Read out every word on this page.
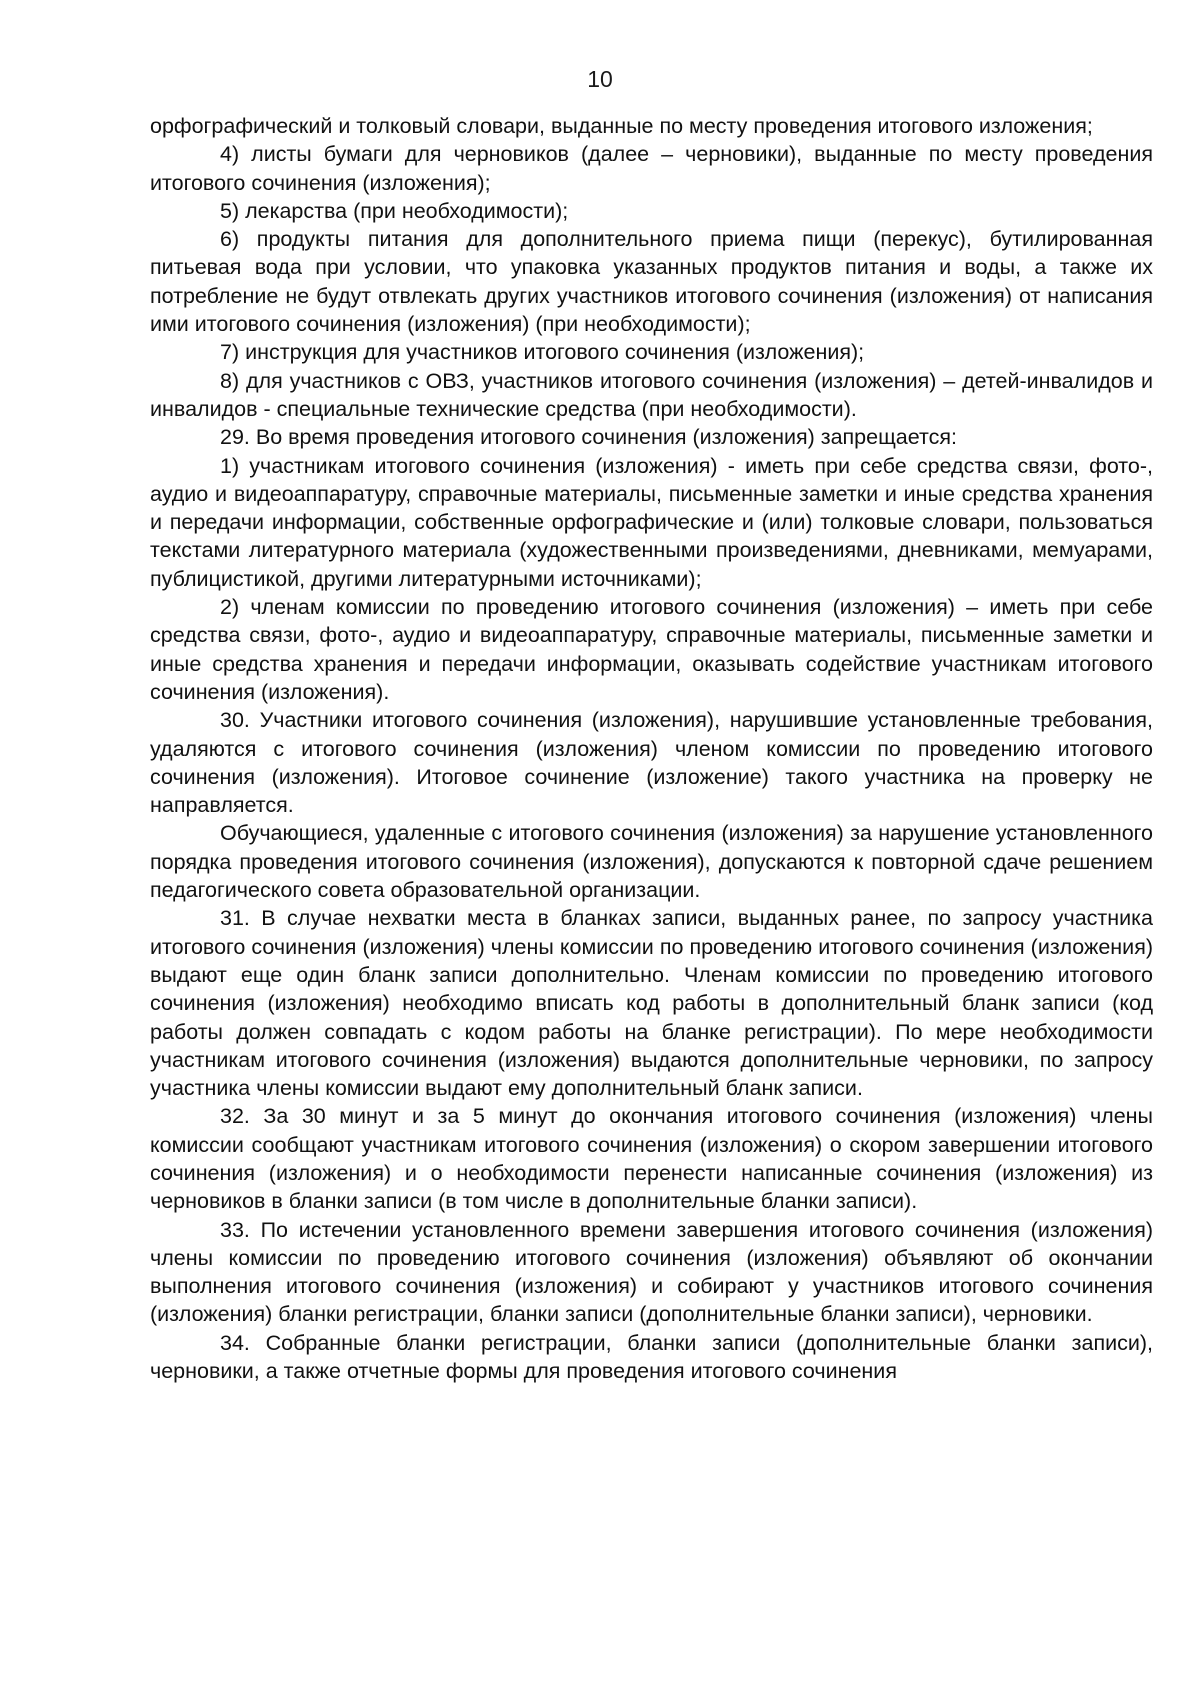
10

орфографический и толковый словари, выданные по месту проведения итогового изложения;

4) листы бумаги для черновиков (далее – черновики), выданные по месту проведения итогового сочинения (изложения);

5) лекарства (при необходимости);

6) продукты питания для дополнительного приема пищи (перекус), бутилированная питьевая вода при условии, что упаковка указанных продуктов питания и воды, а также их потребление не будут отвлекать других участников итогового сочинения (изложения) от написания ими итогового сочинения (изложения) (при необходимости);

7) инструкция для участников итогового сочинения (изложения);

8) для участников с ОВЗ, участников итогового сочинения (изложения) – детей-инвалидов и инвалидов - специальные технические средства (при необходимости).

29. Во время проведения итогового сочинения (изложения) запрещается:

1) участникам итогового сочинения (изложения) - иметь при себе средства связи, фото-, аудио и видеоаппаратуру, справочные материалы, письменные заметки и иные средства хранения и передачи информации, собственные орфографические и (или) толковые словари, пользоваться текстами литературного материала (художественными произведениями, дневниками, мемуарами, публицистикой, другими литературными источниками);

2) членам комиссии по проведению итогового сочинения (изложения) – иметь при себе средства связи, фото-, аудио и видеоаппаратуру, справочные материалы, письменные заметки и иные средства хранения и передачи информации, оказывать содействие участникам итогового сочинения (изложения).

30. Участники итогового сочинения (изложения), нарушившие установленные требования, удаляются с итогового сочинения (изложения) членом комиссии по проведению итогового сочинения (изложения). Итоговое сочинение (изложение) такого участника на проверку не направляется.

Обучающиеся, удаленные с итогового сочинения (изложения) за нарушение установленного порядка проведения итогового сочинения (изложения), допускаются к повторной сдаче решением педагогического совета образовательной организации.

31. В случае нехватки места в бланках записи, выданных ранее, по запросу участника итогового сочинения (изложения) члены комиссии по проведению итогового сочинения (изложения) выдают еще один бланк записи дополнительно. Членам комиссии по проведению итогового сочинения (изложения) необходимо вписать код работы в дополнительный бланк записи (код работы должен совпадать с кодом работы на бланке регистрации). По мере необходимости участникам итогового сочинения (изложения) выдаются дополнительные черновики, по запросу участника члены комиссии выдают ему дополнительный бланк записи.

32. За 30 минут и за 5 минут до окончания итогового сочинения (изложения) члены комиссии сообщают участникам итогового сочинения (изложения) о скором завершении итогового сочинения (изложения) и о необходимости перенести написанные сочинения (изложения) из черновиков в бланки записи (в том числе в дополнительные бланки записи).

33. По истечении установленного времени завершения итогового сочинения (изложения) члены комиссии по проведению итогового сочинения (изложения) объявляют об окончании выполнения итогового сочинения (изложения) и собирают у участников итогового сочинения (изложения) бланки регистрации, бланки записи (дополнительные бланки записи), черновики.

34. Собранные бланки регистрации, бланки записи (дополнительные бланки записи), черновики, а также отчетные формы для проведения итогового сочинения
